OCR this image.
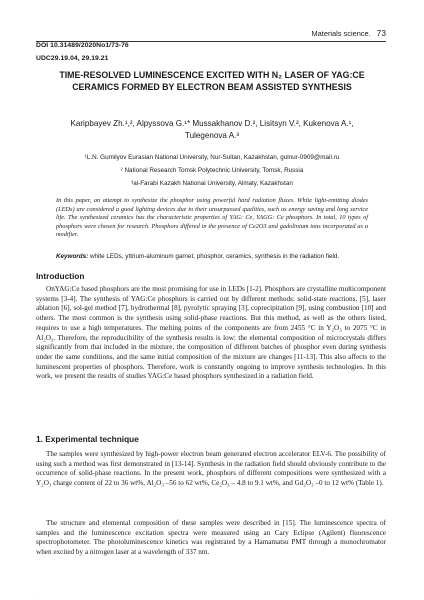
Materials science. 73
DOI 10.31489/2020No1/73-76
UDC29.19.04, 29.19.21
TIME-RESOLVED LUMINESCENCE EXCITED WITH N₂ LASER OF YAG:CE CERAMICS FORMED BY ELECTRON BEAM ASSISTED SYNTHESIS
Karipbayev Zh.¹,², Alpyssova G.¹* Mussakhanov D.², Lisitsyn V.², Kukenova A.¹, Tulegenova A.³
¹L.N. Gumilyov Eurasian National University, Nur-Sultan, Kazakhstan, gulnur-0909@mail.ru
² National Research Tomsk Polytechnic University, Tomsk, Russia
³al-Farabi Kazakh National University, Almaty, Kazakhstan
In this paper, an attempt to synthesize the phosphor using powerful hard radiation fluxes. White light-emitting diodes (LEDs) are considered a good lighting devices due to their unsurpassed qualities, such as energy saving and long service life. The synthesized ceramics has the characteristic properties of YAG: Ce, YAGG: Ce phosphors. In total, 10 types of phosphors were chosen for research. Phosphors differed in the presence of Ce2O3 and gadolinium ions incorporated as a modifier.
Keywords: white LEDs, yttrium-aluminum garnet, phosphor, ceramics, synthesis in the radiation field.
Introduction

OnYAG:Ce based phosphors are the most promising for use in LEDs [1-2]. Phosphors are crystalline multicomponent systems [3-4]. The synthesis of YAG:Ce phosphors is carried out by different methods: solid-state reactions, [5], laser ablation [6], sol-gel method [7], hydrothermal [8], pyrolytic spraying [3], coprecipitation [9], using combustion [10] and others. The most common is the synthesis using solid-phase reactions. But this method, as well as the others listed, requires to use a high temperatures. The melting points of the components are from 2455 °C in Y₂O₃ to 2075 °C in Al₂O₃. Therefore, the reproducibility of the synthesis results is low: the elemental composition of microcrystals differs significantly from that included in the mixture, the composition of different batches of phosphor even during synthesis under the same conditions, and the same initial composition of the mixture are changes [11-13]. This also affects to the luminescent properties of phosphors. Therefore, work is constantly ongoing to improve synthesis technologies. In this work, we present the results of studies YAG:Ce based phosphors synthesized in a radiation field.

1. Experimental technique

The samples were synthesized by high-power electron beam generated electron accelerator ELV-6. The possibility of using such a method was first demonstrated in [13-14]. Synthesis in the radiation field should obviously contribute to the occurrence of solid-phase reactions. In the present work, phosphors of different compositions were synthesized with a Y₂O₃ charge content of 22 to 36 wt%, Al₂O₃ –56 to 62 wt%, Ce₂O₃ – 4.8 to 9.1 wt%, and Gd₂O₃ –0 to 12 wt% (Table 1).

The structure and elemental composition of these samples were described in [15]. The luminescence spectra of samples and the luminescence excitation spectra were measured using an Cary Eclipse (Agilent) fluorescence spectrophotometer. The photoluminescence kinetics was registrated by a Hamamatsu PMT through a monochromator when excited by a nitrogen laser at a wavelength of 337 nm.

·
